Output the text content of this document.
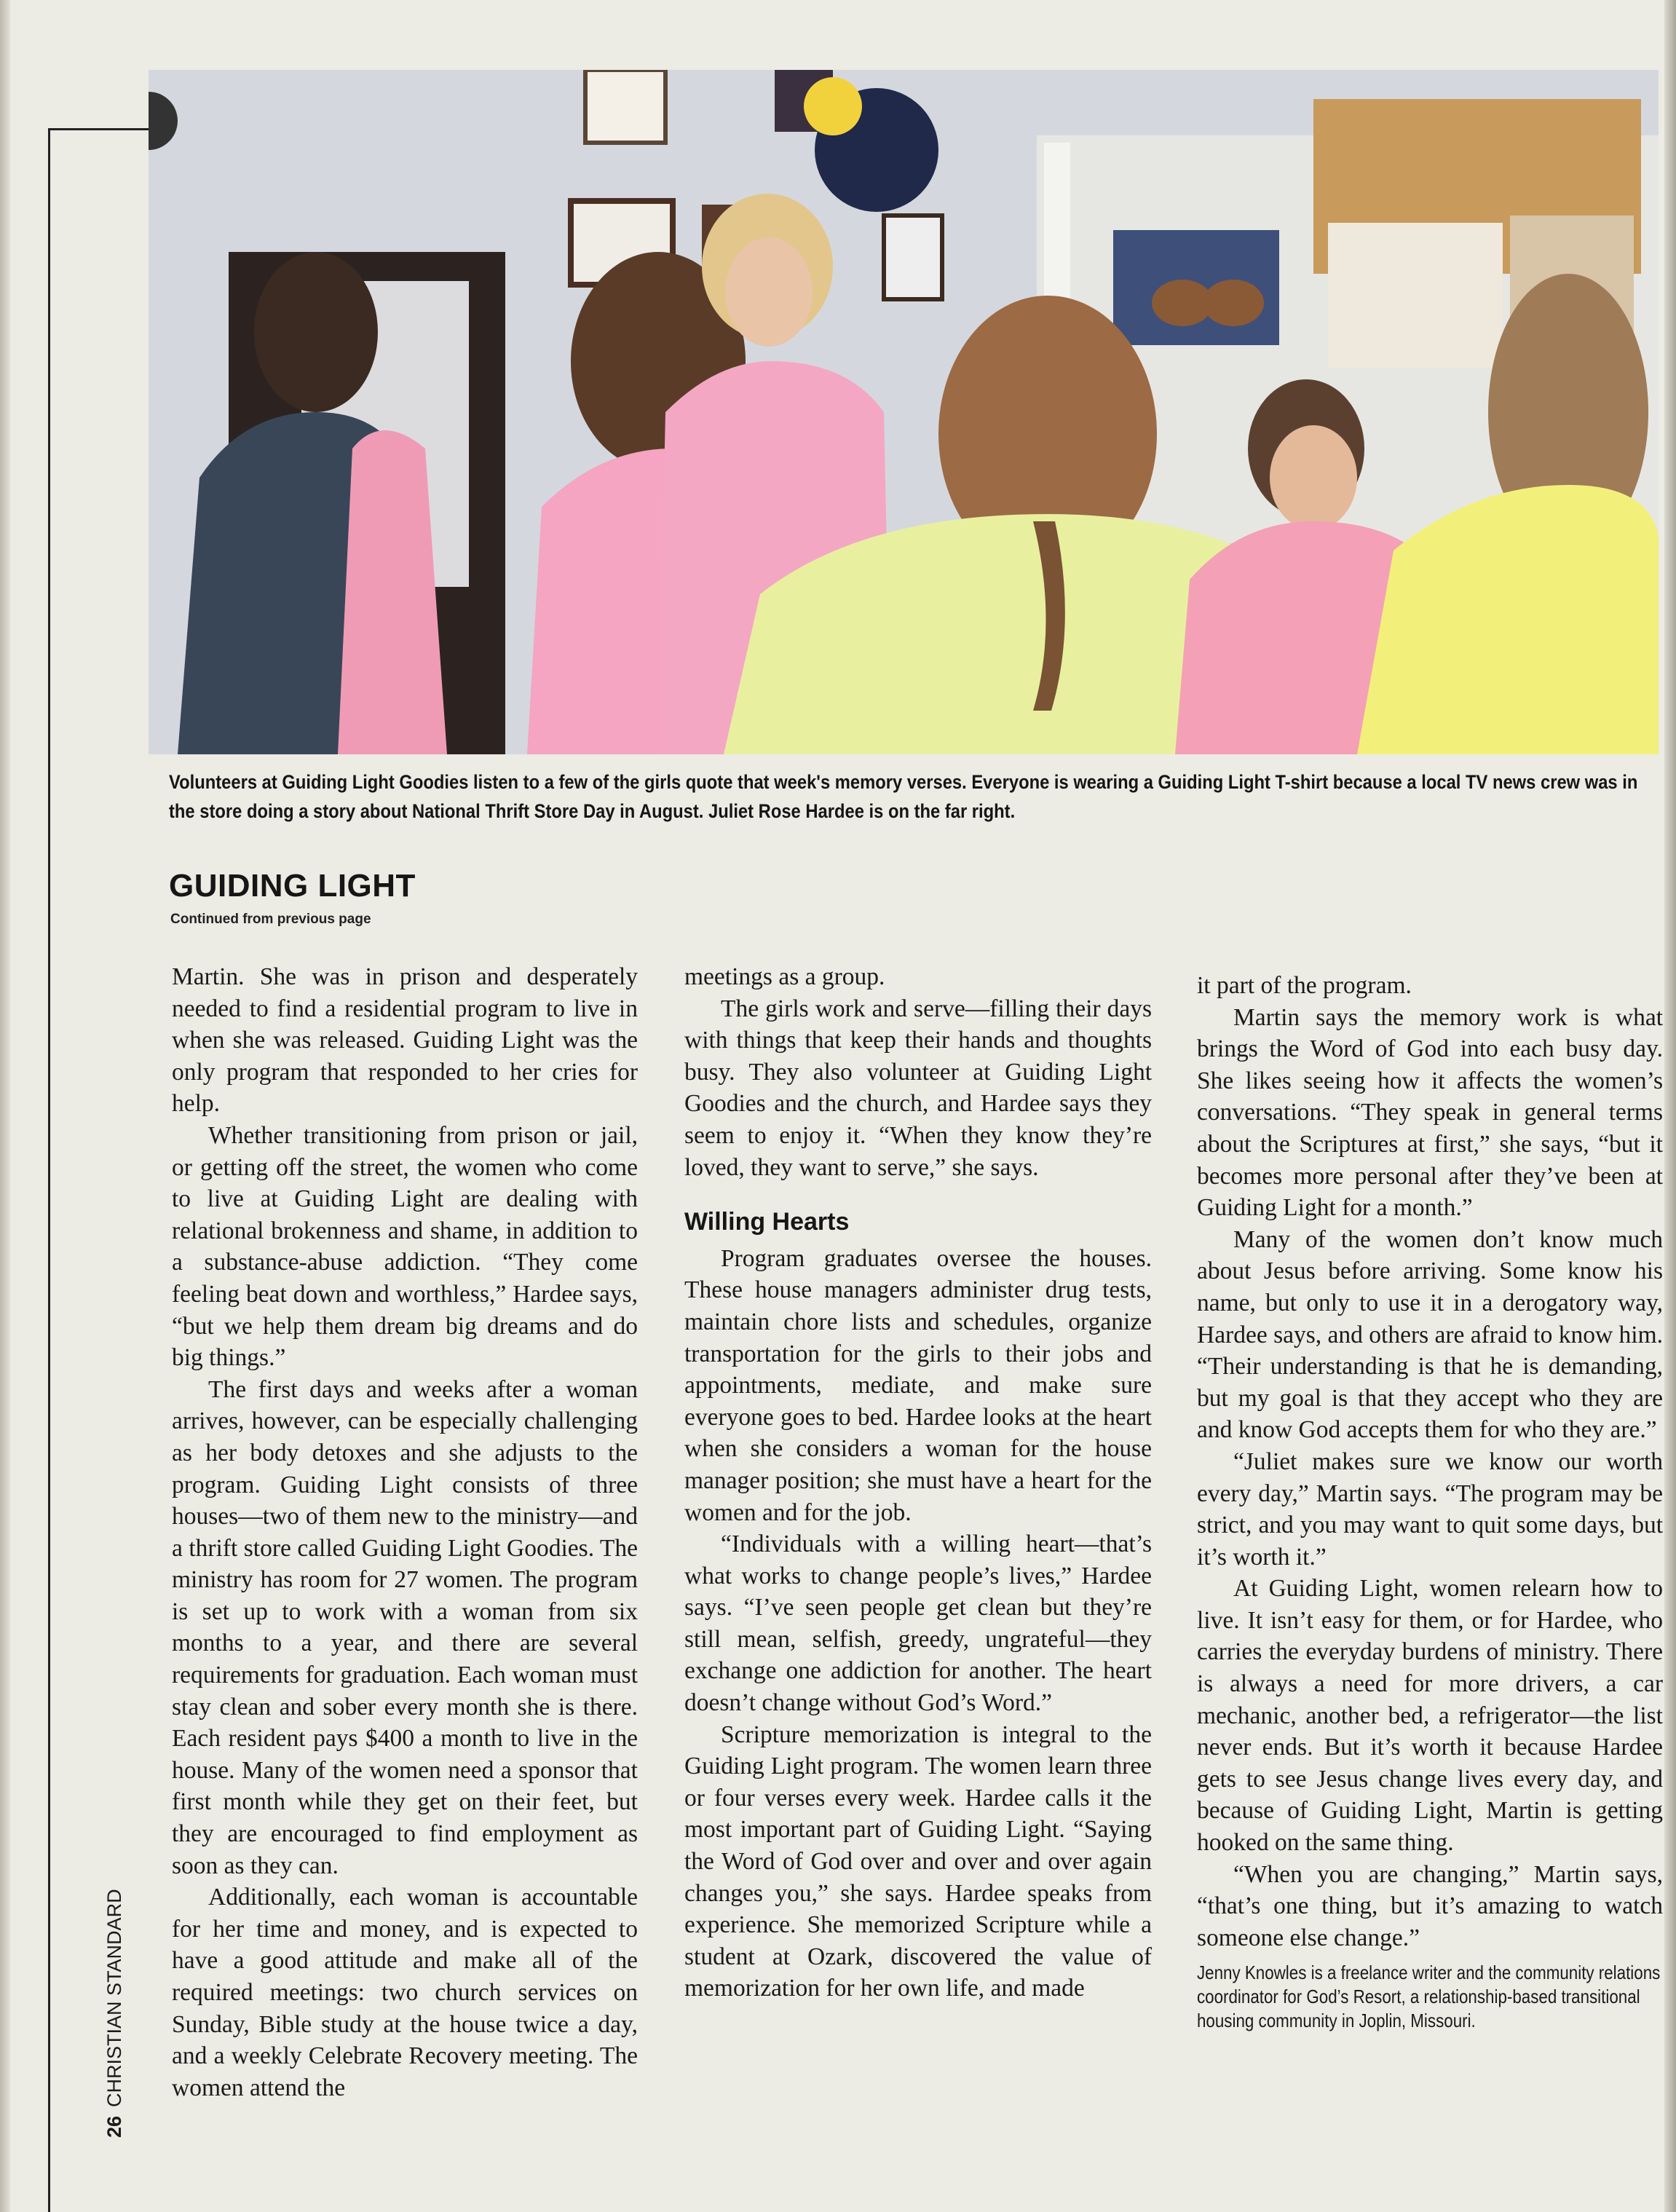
Volunteers at Guiding Light Goodies listen to a few of the girls quote that week's memory verses. Everyone is wearing a Guiding Light T-shirt because a local TV news crew was in the store doing a story about National Thrift Store Day in August. Juliet Rose Hardee is on the far right.
GUIDING LIGHT
Continued from previous page

Martin. She was in prison and desperately needed to find a residential program to live in when she was released. Guiding Light was the only program that responded to her cries for help.

Whether transitioning from prison or jail, or getting off the street, the women who come to live at Guiding Light are dealing with relational brokenness and shame, in addition to a substance-abuse addiction. “They come feeling beat down and worthless,” Hardee says, “but we help them dream big dreams and do big things.”

The first days and weeks after a woman arrives, however, can be especially challenging as her body detoxes and she adjusts to the program. Guiding Light consists of three houses—two of them new to the ministry—and a thrift store called Guiding Light Goodies. The ministry has room for 27 women. The program is set up to work with a woman from six months to a year, and there are several requirements for graduation. Each woman must stay clean and sober every month she is there. Each resident pays $400 a month to live in the house. Many of the women need a sponsor that first month while they get on their feet, but they are encouraged to find employment as soon as they can.

Additionally, each woman is accountable for her time and money, and is expected to have a good attitude and make all of the required meetings: two church services on Sunday, Bible study at the house twice a day, and a weekly Celebrate Recovery meeting. The women attend the

meetings as a group.

The girls work and serve—filling their days with things that keep their hands and thoughts busy. They also volunteer at Guiding Light Goodies and the church, and Hardee says they seem to enjoy it. “When they know they’re loved, they want to serve,” she says.

Willing Hearts

Program graduates oversee the houses. These house managers administer drug tests, maintain chore lists and schedules, organize transportation for the girls to their jobs and appointments, mediate, and make sure everyone goes to bed. Hardee looks at the heart when she considers a woman for the house manager position; she must have a heart for the women and for the job.

“Individuals with a willing heart—that’s what works to change people’s lives,” Hardee says. “I’ve seen people get clean but they’re still mean, selfish, greedy, ungrateful—they exchange one addiction for another. The heart doesn’t change without God’s Word.”

Scripture memorization is integral to the Guiding Light program. The women learn three or four verses every week. Hardee calls it the most important part of Guiding Light. “Saying the Word of God over and over and over again changes you,” she says. Hardee speaks from experience. She memorized Scripture while a student at Ozark, discovered the value of memorization for her own life, and made

it part of the program.

Martin says the memory work is what brings the Word of God into each busy day. She likes seeing how it affects the women’s conversations. “They speak in general terms about the Scriptures at first,” she says, “but it becomes more personal after they’ve been at Guiding Light for a month.”

Many of the women don’t know much about Jesus before arriving. Some know his name, but only to use it in a derogatory way, Hardee says, and others are afraid to know him. “Their understanding is that he is demanding, but my goal is that they accept who they are and know God accepts them for who they are.”

“Juliet makes sure we know our worth every day,” Martin says. “The program may be strict, and you may want to quit some days, but it’s worth it.”

At Guiding Light, women relearn how to live. It isn’t easy for them, or for Hardee, who carries the everyday burdens of ministry. There is always a need for more drivers, a car mechanic, another bed, a refrigerator—the list never ends. But it’s worth it because Hardee gets to see Jesus change lives every day, and because of Guiding Light, Martin is getting hooked on the same thing.

“When you are changing,” Martin says, “that’s one thing, but it’s amazing to watch someone else change.”

Jenny Knowles is a freelance writer and the community relations coordinator for God’s Resort, a relationship-based transitional housing community in Joplin, Missouri.
26CHRISTIAN STANDARD
